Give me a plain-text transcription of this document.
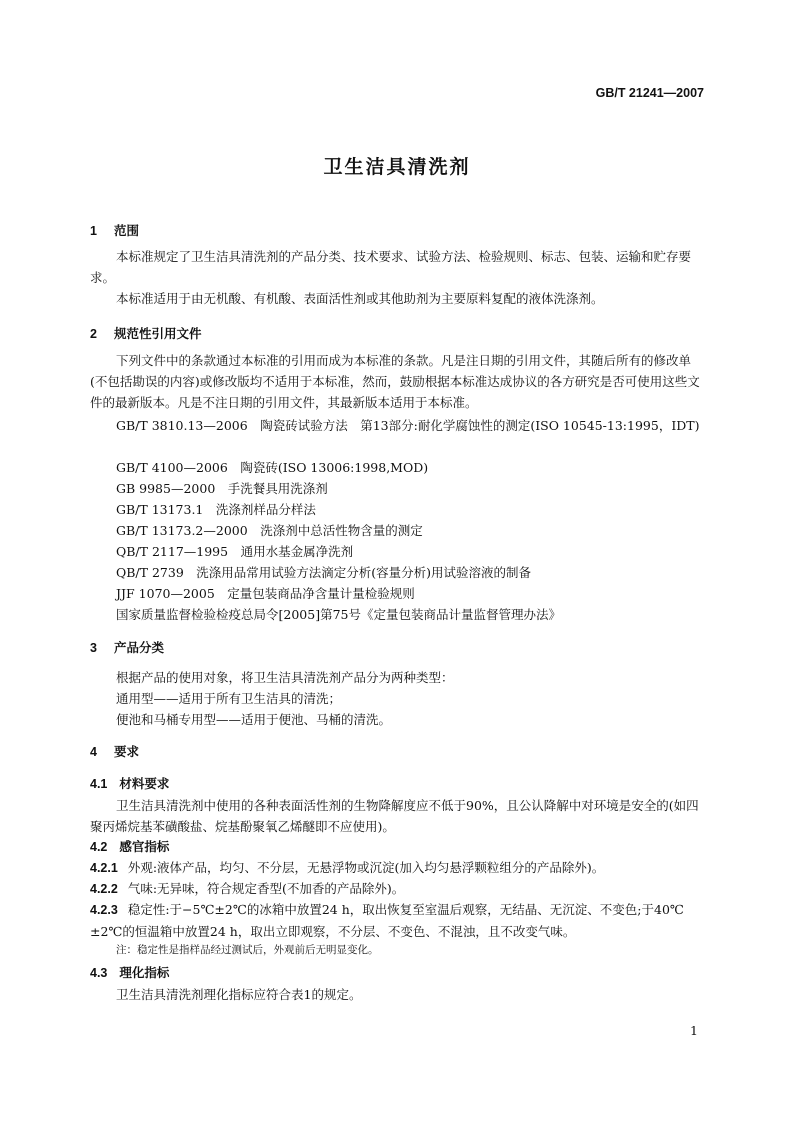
GB/T 21241—2007
卫生洁具清洗剂
1 范围
本标准规定了卫生洁具清洗剂的产品分类、技术要求、试验方法、检验规则、标志、包装、运输和贮存要求。
本标准适用于由无机酸、有机酸、表面活性剂或其他助剂为主要原料复配的液体洗涤剂。
2 规范性引用文件
下列文件中的条款通过本标准的引用而成为本标准的条款。凡是注日期的引用文件，其随后所有的修改单(不包括勘误的内容)或修改版均不适用于本标准，然而，鼓励根据本标准达成协议的各方研究是否可使用这些文件的最新版本。凡是不注日期的引用文件，其最新版本适用于本标准。
GB/T 3810.13—2006　陶瓷砖试验方法　第13部分:耐化学腐蚀性的测定(ISO 10545-13:1995，IDT)
GB/T 4100—2006　陶瓷砖(ISO 13006:1998,MOD)
GB 9985—2000　手洗餐具用洗涤剂
GB/T 13173.1　洗涤剂样品分样法
GB/T 13173.2—2000　洗涤剂中总活性物含量的测定
QB/T 2117—1995　通用水基金属净洗剂
QB/T 2739　洗涤用品常用试验方法滴定分析(容量分析)用试验溶液的制备
JJF 1070—2005　定量包装商品净含量计量检验规则
国家质量监督检验检疫总局令[2005]第75号《定量包装商品计量监督管理办法》
3 产品分类
根据产品的使用对象，将卫生洁具清洗剂产品分为两种类型：
通用型——适用于所有卫生洁具的清洗；
便池和马桶专用型——适用于便池、马桶的清洗。
4 要求
4.1 材料要求
卫生洁具清洗剂中使用的各种表面活性剂的生物降解度应不低于90%，且公认降解中对环境是安全的(如四聚丙烯烷基苯磺酸盐、烷基酚聚氧乙烯醚即不应使用)。
4.2 感官指标
4.2.1 外观:液体产品，均匀、不分层，无悬浮物或沉淀(加入均匀悬浮颗粒组分的产品除外)。
4.2.2 气味:无异味，符合规定香型(不加香的产品除外)。
4.2.3 稳定性:于−5℃±2℃的冰箱中放置24 h，取出恢复至室温后观察，无结晶、无沉淀、不变色;于40℃±2℃的恒温箱中放置24 h，取出立即观察，不分层、不变色、不混浊，且不改变气味。
注：稳定性是指样品经过测试后，外观前后无明显变化。
4.3 理化指标
卫生洁具清洗剂理化指标应符合表1的规定。
1
